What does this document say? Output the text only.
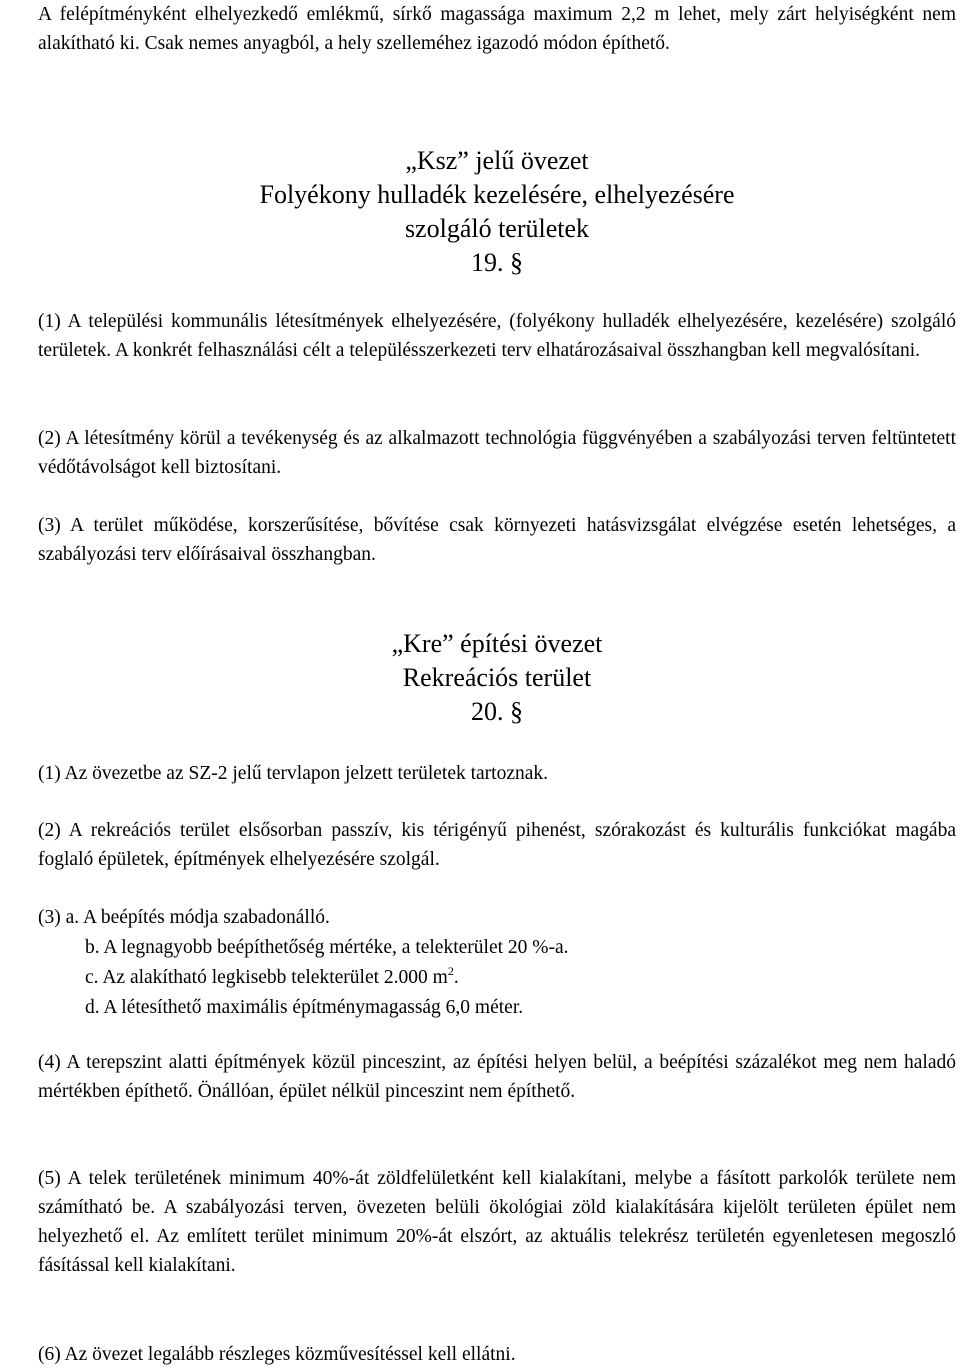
A felépítményként elhelyezkedő emlékmű, sírkő magassága maximum 2,2 m lehet, mely zárt helyiségként nem alakítható ki. Csak nemes anyagból, a hely szelleméhez igazodó módon építhető.

„Ksz” jelű övezet

Folyékony hulladék kezelésére, elhelyezésére

szolgáló területek

19. §

(1) A települési kommunális létesítmények elhelyezésére, (folyékony hulladék elhelyezésére, kezelésére) szolgáló területek. A konkrét felhasználási célt a településszerkezeti terv elhatározásaival összhangban kell megvalósítani.

(2) A létesítmény körül a tevékenység és az alkalmazott technológia függvényében a szabályozási terven feltüntetett védőtávolságot kell biztosítani.

(3) A terület működése, korszerűsítése, bővítése csak környezeti hatásvizsgálat elvégzése esetén lehetséges, a szabályozási terv előírásaival összhangban.

„Kre” építési övezet

Rekreációs terület

20. §

(1) Az övezetbe az SZ-2 jelű tervlapon jelzett területek tartoznak.

(2) A rekreációs terület elsősorban passzív, kis térigényű pihenést, szórakozást és kulturális funkciókat magába foglaló épületek, építmények elhelyezésére szolgál.

(3) a. A beépítés módja szabadonálló.
b. A legnagyobb beépíthetőség mértéke, a telekterület 20 %-a.
c. Az alakítható legkisebb telekterület 2.000 $m^2$.
d. A létesíthető maximális építménymagasság 6,0 méter.

(4) A terepszint alatti építmények közül pinceszint, az építési helyen belül, a beépítési százalékot meg nem haladó mértékben építhető. Önállóan, épület nélkül pinceszint nem építhető.

(5) A telek területének minimum 40%-át zöldfelületként kell kialakítani, melybe a fásított parkolók területe nem számítható be. A szabályozási terven, övezeten belüli ökológiai zöld kialakítására kijelölt területen épület nem helyezhető el. Az említett terület minimum 20%-át elszórt, az aktuális telekrész területén egyenletesen megoszló fásítással kell kialakítani.

(6) Az övezet legalább részleges közművesítéssel kell ellátni.
